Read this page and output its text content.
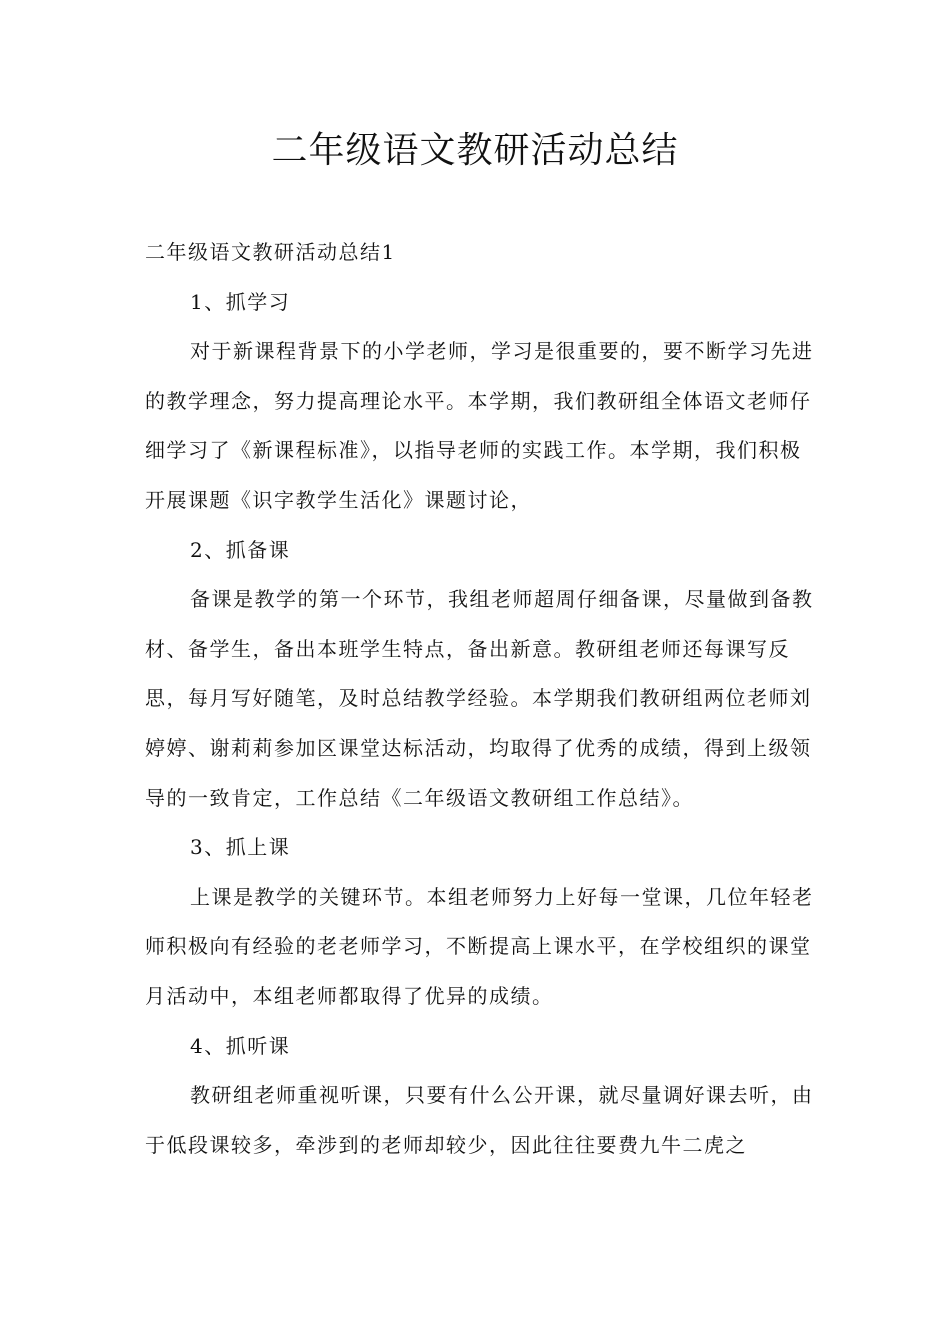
二年级语文教研活动总结

二年级语文教研活动总结1

1、抓学习

对于新课程背景下的小学老师，学习是很重要的，要不断学习先进的教学理念，努力提高理论水平。本学期，我们教研组全体语文老师仔细学习了《新课程标准》，以指导老师的实践工作。本学期，我们积极开展课题《识字教学生活化》课题讨论，

2、抓备课

备课是教学的第一个环节，我组老师超周仔细备课，尽量做到备教材、备学生，备出本班学生特点，备出新意。教研组老师还每课写反思，每月写好随笔，及时总结教学经验。本学期我们教研组两位老师刘婷婷、谢莉莉参加区课堂达标活动，均取得了优秀的成绩，得到上级领导的一致肯定，工作总结《二年级语文教研组工作总结》。

3、抓上课

上课是教学的关键环节。本组老师努力上好每一堂课，几位年轻老师积极向有经验的老老师学习，不断提高上课水平，在学校组织的课堂月活动中，本组老师都取得了优异的成绩。

4、抓听课

教研组老师重视听课，只要有什么公开课，就尽量调好课去听，由于低段课较多，牵涉到的老师却较少，因此往往要费九牛二虎之
